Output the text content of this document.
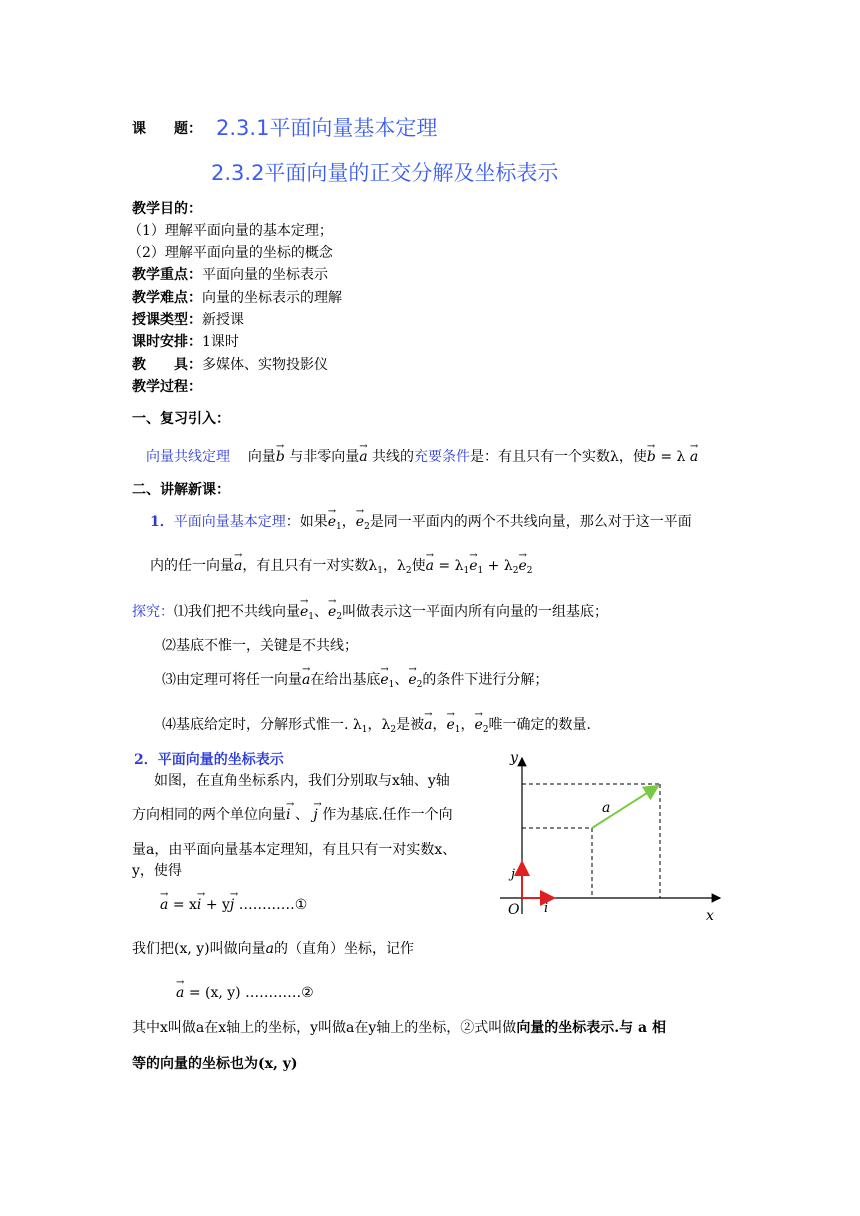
课　　题： 2.3.1平面向量基本定理
2.3.2平面向量的正交分解及坐标表示
教学目的：
（1）理解平面向量的基本定理；
（2）理解平面向量的坐标的概念
教学重点：平面向量的坐标表示
教学难点：向量的坐标表示的理解
授课类型：新授课
课时安排：1课时
教　　具：多媒体、实物投影仪
教学过程：
一、复习引入：
向量共线定理 向量→ b 与非零向量→ a 共线的充要条件是：有且只有一个实数λ，使→ b = λ → a
二、讲解新课：
1．平面向量基本定理：如果→ $e_1$，→ $e_2$是同一平面内的两个不共线向量，那么对于这一平面
内的任一向量→ a，有且只有一对实数$\lambda_1$，$\lambda_2$使→ $a = \lambda_1\to e_1 + \lambda_2\to e_2$
探究：⑴我们把不共线向量→ $e_1$、→ $e_2$叫做表示这一平面内所有向量的一组基底；
⑵基底不惟一，关键是不共线；
⑶由定理可将任一向量→ a在给出基底→ $e_1$、→ $e_2$的条件下进行分解；
⑷基底给定时，分解形式惟一. $\lambda_1$，$\lambda_2$是被→ a，→ $e_1$，→ $e_2$唯一确定的数量.
2．平面向量的坐标表示
如图，在直角坐标系内，我们分别取与x轴、y轴
方向相同的两个单位向量→ i 、 → j 作为基底.任作一个向
量a，由平面向量基本定理知，有且只有一对实数x、
y，使得
→ a = x→ i + y→ j …………①
我们把(x, y)叫做向量a的（直角）坐标，记作
→ a = (x, y) …………②
其中x叫做a在x轴上的坐标，y叫做a在y轴上的坐标，②式叫做向量的坐标表示.与 a 相
等的向量的坐标也为(x, y)
y
x
O
a
j
i
